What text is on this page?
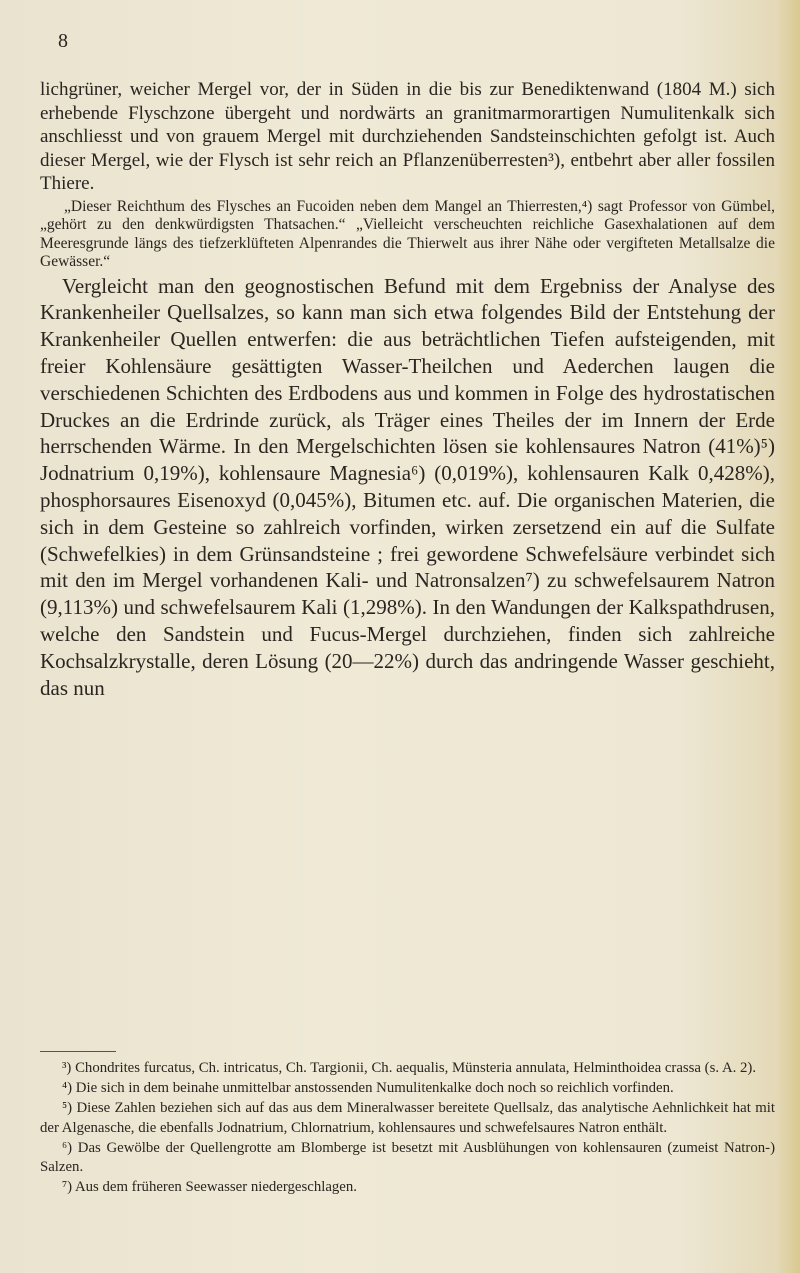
8

lichgrüner, weicher Mergel vor, der in Süden in die bis zur Benediktenwand (1804 M.) sich erhebende Flyschzone übergeht und nordwärts an granitmarmorartigen Numulitenkalk sich anschliesst und von grauem Mergel mit durchziehenden Sandsteinschichten gefolgt ist. Auch dieser Mergel, wie der Flysch ist sehr reich an Pflanzenüberresten³), entbehrt aber aller fossilen Thiere.

„Dieser Reichthum des Flysches an Fucoiden neben dem Mangel an Thierresten,⁴) sagt Professor von Gümbel, „gehört zu den denkwürdigsten Thatsachen.“ „Vielleicht verscheuchten reichliche Gasexhalationen auf dem Meeresgrunde längs des tiefzerklüfteten Alpenrandes die Thierwelt aus ihrer Nähe oder vergifteten Metallsalze die Gewässer.“

Vergleicht man den geognostischen Befund mit dem Ergebniss der Analyse des Krankenheiler Quellsalzes, so kann man sich etwa folgendes Bild der Entstehung der Krankenheiler Quellen entwerfen: die aus beträchtlichen Tiefen aufsteigenden, mit freier Kohlensäure gesättigten Wasser-Theilchen und Aederchen laugen die verschiedenen Schichten des Erdbodens aus und kommen in Folge des hydrostatischen Druckes an die Erdrinde zurück, als Träger eines Theiles der im Innern der Erde herrschenden Wärme. In den Mergelschichten lösen sie kohlensaures Natron (41%)⁵) Jodnatrium 0,19%), kohlensaure Magnesia⁶) (0,019%), kohlensauren Kalk 0,428%), phosphorsaures Eisenoxyd (0,045%), Bitumen etc. auf. Die organischen Materien, die sich in dem Gesteine so zahlreich vorfinden, wirken zersetzend ein auf die Sulfate (Schwefelkies) in dem Grünsandsteine ; frei gewordene Schwefelsäure verbindet sich mit den im Mergel vorhandenen Kali- und Natronsalzen⁷) zu schwefelsaurem Natron (9,113%) und schwefelsaurem Kali (1,298%). In den Wandungen der Kalkspathdrusen, welche den Sandstein und Fucus-Mergel durchziehen, finden sich zahlreiche Kochsalzkrystalle, deren Lösung (20—22%) durch das andringende Wasser geschieht, das nun

³) Chondrites furcatus, Ch. intricatus, Ch. Targionii, Ch. aequalis, Münsteria annulata, Helminthoidea crassa (s. A. 2).

⁴) Die sich in dem beinahe unmittelbar anstossenden Numulitenkalke doch noch so reichlich vorfinden.

⁵) Diese Zahlen beziehen sich auf das aus dem Mineralwasser bereitete Quellsalz, das analytische Aehnlichkeit hat mit der Algenasche, die ebenfalls Jodnatrium, Chlornatrium, kohlensaures und schwefelsaures Natron enthält.

⁶) Das Gewölbe der Quellengrotte am Blomberge ist besetzt mit Ausblühungen von kohlensauren (zumeist Natron-) Salzen.

⁷) Aus dem früheren Seewasser niedergeschlagen.
